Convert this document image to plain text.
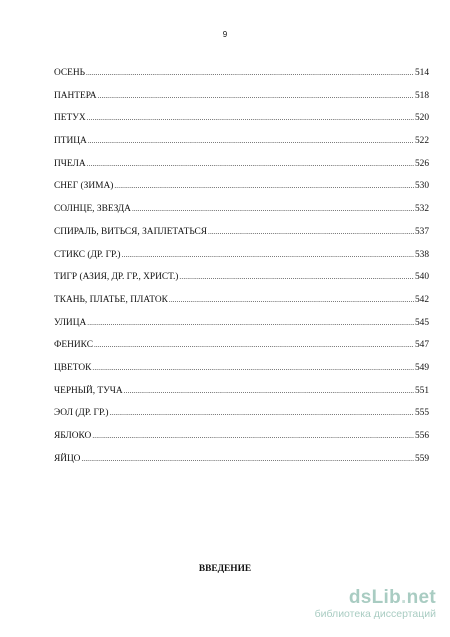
9
ОСЕНЬ .....	514
ПАНТЕРА .....	518
ПЕТУХ .....	520
ПТИЦА .....	522
ПЧЕЛА .....	526
СНЕГ (ЗИМА) .....	530
СОЛНЦЕ, ЗВЕЗДА .....	532
СПИРАЛЬ, ВИТЬСЯ, ЗАПЛЕТАТЬСЯ .....	537
СТИКС (ДР. ГР.) .....	538
ТИГР (АЗИЯ, ДР. ГР., ХРИСТ.) .....	540
ТКАНЬ, ПЛАТЬЕ, ПЛАТОК .....	542
УЛИЦА .....	545
ФЕНИКС .....	547
ЦВЕТОК .....	549
ЧЕРНЫЙ, ТУЧА .....	551
ЭОЛ (ДР. ГР.) .....	555
ЯБЛОКО .....	556
ЯЙЦО .....	559
ВВЕДЕНИЕ
dsLib.net
библиотека диссертаций
